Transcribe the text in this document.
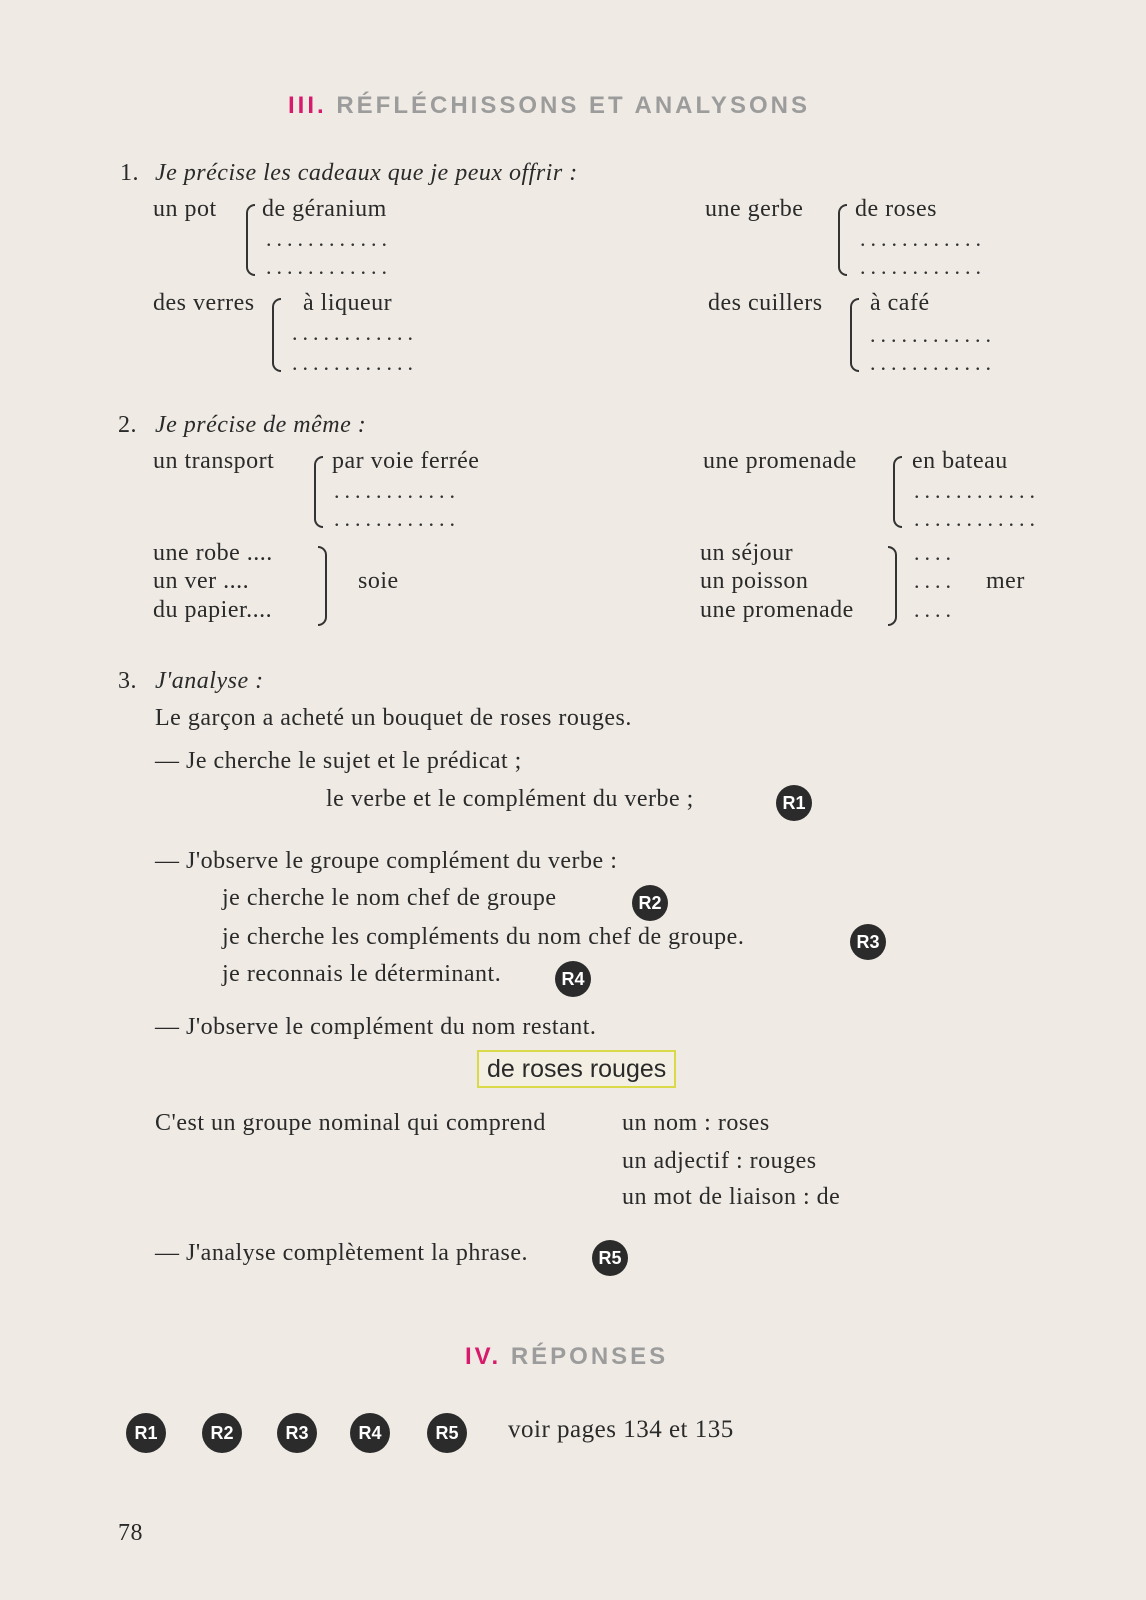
III. RÉFLÉCHISSONS ET ANALYSONS
1. Je précise les cadeaux que je peux offrir :
un pot de géranium
............
............
une gerbe de roses
............
............
des verres à liqueur
............
............
des cuillers à café
............
............
2. Je précise de même :
un transport par voie ferrée
............
............
une promenade en bateau
............
............
une robe ....
un ver ....
du papier....
soie
un séjour
un poisson
une promenade
....
....
....
mer
3. J'analyse :
Le garçon a acheté un bouquet de roses rouges.
— Je cherche le sujet et le prédicat ;
le verbe et le complément du verbe ;	R1
— J'observe le groupe complément du verbe :
je cherche le nom chef de groupe	R2
je cherche les compléments du nom chef de groupe.	R3
je reconnais le déterminant.	R4
— J'observe le complément du nom restant.
de roses rouges
C'est un groupe nominal qui comprend	un nom : roses
un adjectif : rouges
un mot de liaison : de
— J'analyse complètement la phrase.	R5
IV. RÉPONSES
R1	R2	R3	R4	R5	voir pages 134 et 135
78
